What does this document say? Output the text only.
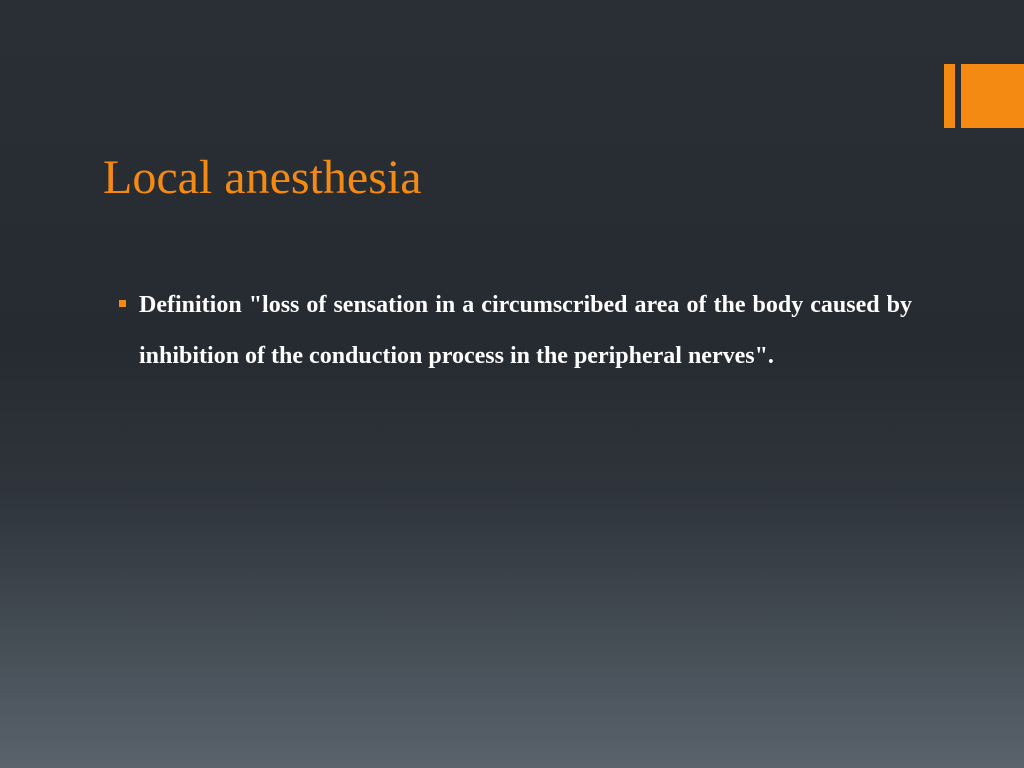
Local anesthesia
Definition "loss of sensation in a circumscribed area of the body caused by inhibition of the conduction process in the peripheral nerves".
